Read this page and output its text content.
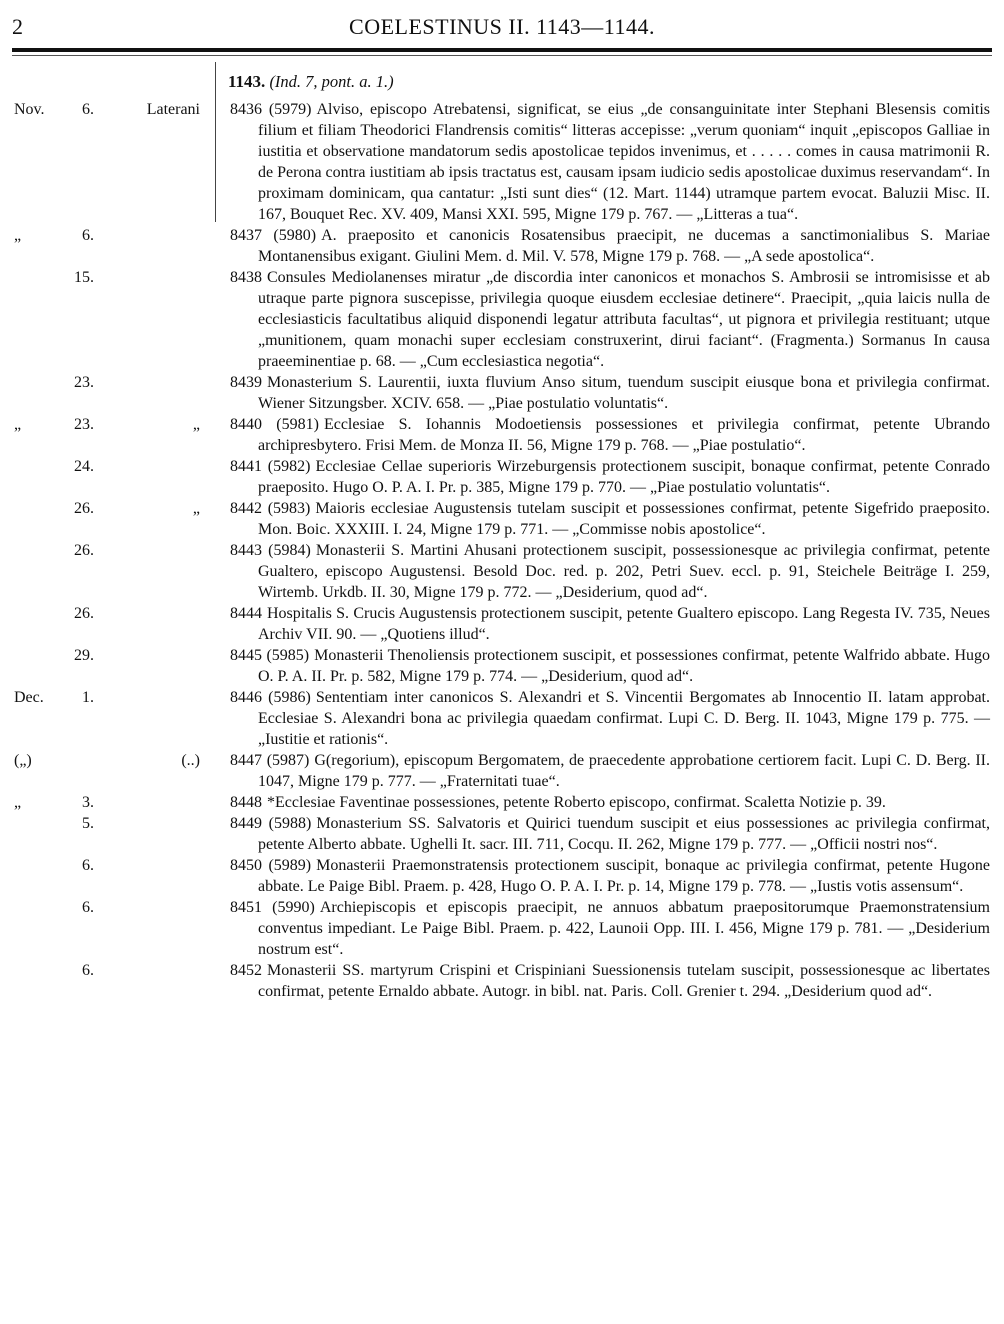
2	COELESTINUS II. 1143—1144.
1143. (Ind. 7, pont. a. 1.)
Nov.	6.	Laterani 8436 (5979) Alviso, episcopo Atrebatensi, significat, se eius „de consanguinitate inter Stephani Blesensis comitis filium et filiam Theodorici Flandrensis comitis“ litteras accepisse: „verum quoniam“ inquit „episcopos Galliae in iustitia et observatione mandatorum sedis apostolicae tepidos invenimus, et . . . . . comes in causa matrimonii R. de Perona contra iustitiam ab ipsis tractatus est, causam ipsam iudicio sedis apostolicae duximus reservandam“. In proximam dominicam, qua cantatur: „Isti sunt dies“ (12. Mart. 1144) utramque partem evocat. Baluzii Misc. II. 167, Bouquet Rec. XV. 409, Mansi XXI. 595, Migne 179 p. 767. — „Litteras a tua“.
„	6.	8437 (5980) A. praeposito et canonicis Rosatensibus praecipit, ne ducemas a sanctimonialibus S. Mariae Montanensibus exigant. Giulini Mem. d. Mil. V. 578, Migne 179 p. 768. — „A sede apostolica“.
15.	8438 Consules Mediolanenses miratur „de discordia inter canonicos et monachos S. Ambrosii se intromisisse et ab utraque parte pignora suscepisse, privilegia quoque eiusdem ecclesiae detinere“. Praecipit, „quia laicis nulla de ecclesiasticis facultatibus aliquid disponendi legatur attributa facultas“, ut pignora et privilegia restituant; utque „munitionem, quam monachi super ecclesiam construxerint, dirui faciant“. (Fragmenta.) Sormanus In causa praeeminentiae p. 68. — „Cum ecclesiastica negotia“.
23.	8439 Monasterium S. Laurentii, iuxta fluvium Anso situm, tuendum suscipit eiusque bona et privilegia confirmat. Wiener Sitzungsber. XCIV. 658. — „Piae postulatio voluntatis“.
„	23.	„ 8440 (5981) Ecclesiae S. Iohannis Modoetiensis possessiones et privilegia confirmat, petente Ubrando archipresbytero. Frisi Mem. de Monza II. 56, Migne 179 p. 768. — „Piae postulatio“.
24.	8441 (5982) Ecclesiae Cellae superioris Wirzeburgensis protectionem suscipit, bonaque confirmat, petente Conrado praeposito. Hugo O. P. A. I. Pr. p. 385, Migne 179 p. 770. — „Piae postulatio voluntatis“.
26.	„ 8442 (5983) Maioris ecclesiae Augustensis tutelam suscipit et possessiones confirmat, petente Sigefrido praeposito. Mon. Boic. XXXIII. I. 24, Migne 179 p. 771. — „Commisse nobis apostolice“.
26.	8443 (5984) Monasterii S. Martini Ahusani protectionem suscipit, possessionesque ac privilegia confirmat, petente Gualtero, episcopo Augustensi. Besold Doc. red. p. 202, Petri Suev. eccl. p. 91, Steichele Beiträge I. 259, Wirtemb. Urkdb. II. 30, Migne 179 p. 772. — „Desiderium, quod ad“.
26.	8444 Hospitalis S. Crucis Augustensis protectionem suscipit, petente Gualtero episcopo. Lang Regesta IV. 735, Neues Archiv VII. 90. — „Quotiens illud“.
29.	8445 (5985) Monasterii Thenoliensis protectionem suscipit, et possessiones confirmat, petente Walfrido abbate. Hugo O. P. A. II. Pr. p. 582, Migne 179 p. 774. — „Desiderium, quod ad“.
Dec.	1.	8446 (5986) Sententiam inter canonicos S. Alexandri et S. Vincentii Bergomates ab Innocentio II. latam approbat. Ecclesiae S. Alexandri bona ac privilegia quaedam confirmat. Lupi C. D. Berg. II. 1043, Migne 179 p. 775. — „Iustitie et rationis“.
(„)	(..) 8447 (5987) G(regorium), episcopum Bergomatem, de praecedente approbatione certiorem facit. Lupi C. D. Berg. II. 1047, Migne 179 p. 777. — „Fraternitati tuae“.
„	3.	8448 *Ecclesiae Faventinae possessiones, petente Roberto episcopo, confirmat. Scaletta Notizie p. 39.
5.	8449 (5988) Monasterium SS. Salvatoris et Quirici tuendum suscipit et eius possessiones ac privilegia confirmat, petente Alberto abbate. Ughelli It. sacr. III. 711, Cocqu. II. 262, Migne 179 p. 777. — „Officii nostri nos“.
6.	8450 (5989) Monasterii Praemonstratensis protectionem suscipit, bonaque ac privilegia confirmat, petente Hugone abbate. Le Paige Bibl. Praem. p. 428, Hugo O. P. A. I. Pr. p. 14, Migne 179 p. 778. — „Iustis votis assensum“.
6.	8451 (5990) Archiepiscopis et episcopis praecipit, ne annuos abbatum praepositorumque Praemonstratensium conventus impediant. Le Paige Bibl. Praem. p. 422, Launoii Opp. III. I. 456, Migne 179 p. 781. — „Desiderium nostrum est“.
6.	8452 Monasterii SS. martyrum Crispini et Crispiniani Suessionensis tutelam suscipit, possessionesque ac libertates confirmat, petente Ernaldo abbate. Autogr. in bibl. nat. Paris. Coll. Grenier t. 294. „Desiderium quod ad“.
